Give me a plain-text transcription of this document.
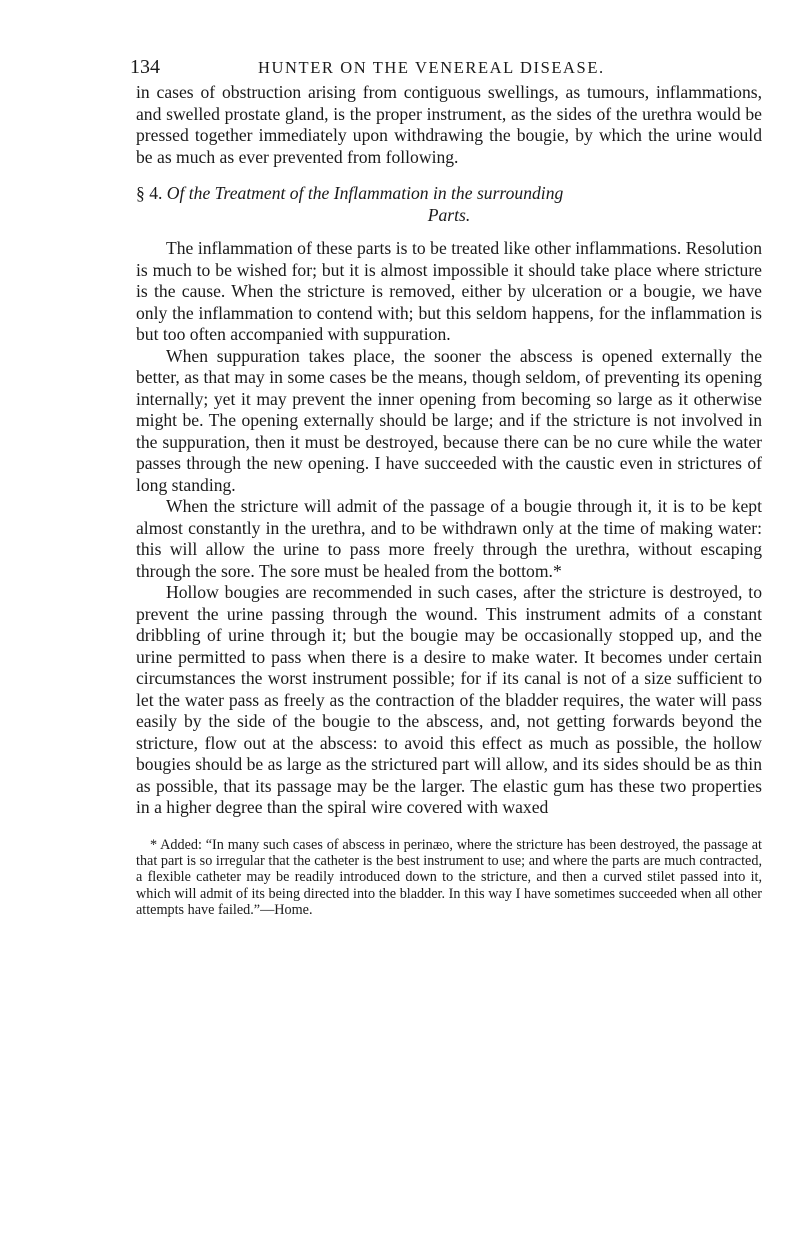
134	HUNTER ON THE VENEREAL DISEASE.

in cases of obstruction arising from contiguous swellings, as tumours, inflammations, and swelled prostate gland, is the proper instrument, as the sides of the urethra would be pressed together immediately upon withdrawing the bougie, by which the urine would be as much as ever prevented from following.

§ 4. Of the Treatment of the Inflammation in the surrounding
Parts.

The inflammation of these parts is to be treated like other inflammations. Resolution is much to be wished for; but it is almost impossible it should take place where stricture is the cause. When the stricture is removed, either by ulceration or a bougie, we have only the inflammation to contend with; but this seldom happens, for the inflammation is but too often accompanied with suppuration.

When suppuration takes place, the sooner the abscess is opened externally the better, as that may in some cases be the means, though seldom, of preventing its opening internally; yet it may prevent the inner opening from becoming so large as it otherwise might be. The opening externally should be large; and if the stricture is not involved in the suppuration, then it must be destroyed, because there can be no cure while the water passes through the new opening. I have succeeded with the caustic even in strictures of long standing.

When the stricture will admit of the passage of a bougie through it, it is to be kept almost constantly in the urethra, and to be withdrawn only at the time of making water: this will allow the urine to pass more freely through the urethra, without escaping through the sore. The sore must be healed from the bottom.*

Hollow bougies are recommended in such cases, after the stricture is destroyed, to prevent the urine passing through the wound. This instrument admits of a constant dribbling of urine through it; but the bougie may be occasionally stopped up, and the urine permitted to pass when there is a desire to make water. It becomes under certain circumstances the worst instrument possible; for if its canal is not of a size sufficient to let the water pass as freely as the contraction of the bladder requires, the water will pass easily by the side of the bougie to the abscess, and, not getting forwards beyond the stricture, flow out at the abscess: to avoid this effect as much as possible, the hollow bougies should be as large as the strictured part will allow, and its sides should be as thin as possible, that its passage may be the larger. The elastic gum has these two properties in a higher degree than the spiral wire covered with waxed

* Added: “In many such cases of abscess in perinæo, where the stricture has been destroyed, the passage at that part is so irregular that the catheter is the best instrument to use; and where the parts are much contracted, a flexible catheter may be readily introduced down to the stricture, and then a curved stilet passed into it, which will admit of its being directed into the bladder. In this way I have sometimes succeeded when all other attempts have failed.”—Home.
